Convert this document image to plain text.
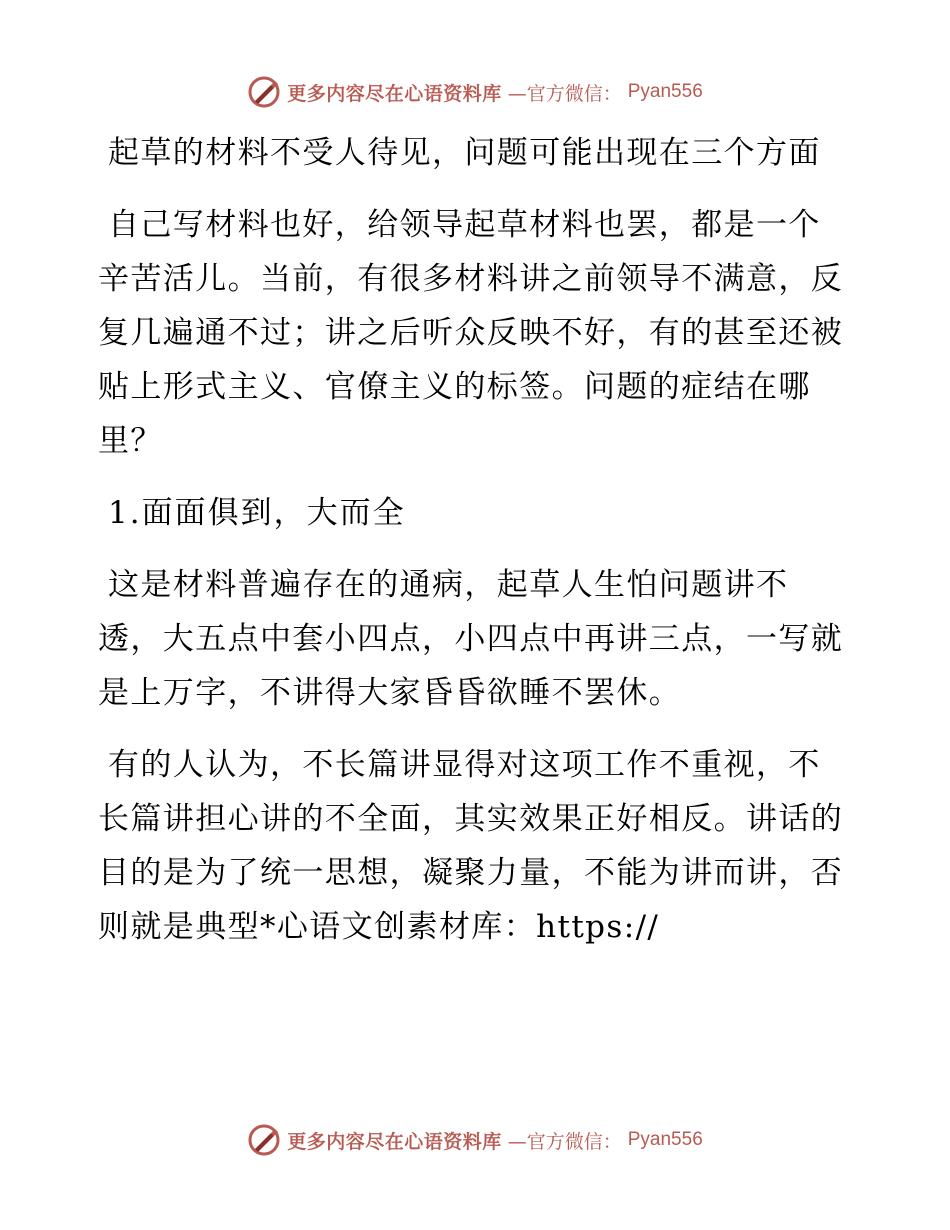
更多内容尽在心语资料库 —官方微信： Pyan556

起草的材料不受人待见，问题可能出现在三个方面

自己写材料也好，给领导起草材料也罢，都是一个辛苦活儿。当前，有很多材料讲之前领导不满意，反复几遍通不过；讲之后听众反映不好，有的甚至还被贴上形式主义、官僚主义的标签。问题的症结在哪里？

1.面面俱到，大而全

这是材料普遍存在的通病，起草人生怕问题讲不透，大五点中套小四点，小四点中再讲三点，一写就是上万字，不讲得大家昏昏欲睡不罢休。

有的人认为，不长篇讲显得对这项工作不重视，不长篇讲担心讲的不全面，其实效果正好相反。讲话的目的是为了统一思想，凝聚力量，不能为讲而讲，否则就是典型*心语文创素材库：https://

更多内容尽在心语资料库 —官方微信： Pyan556
